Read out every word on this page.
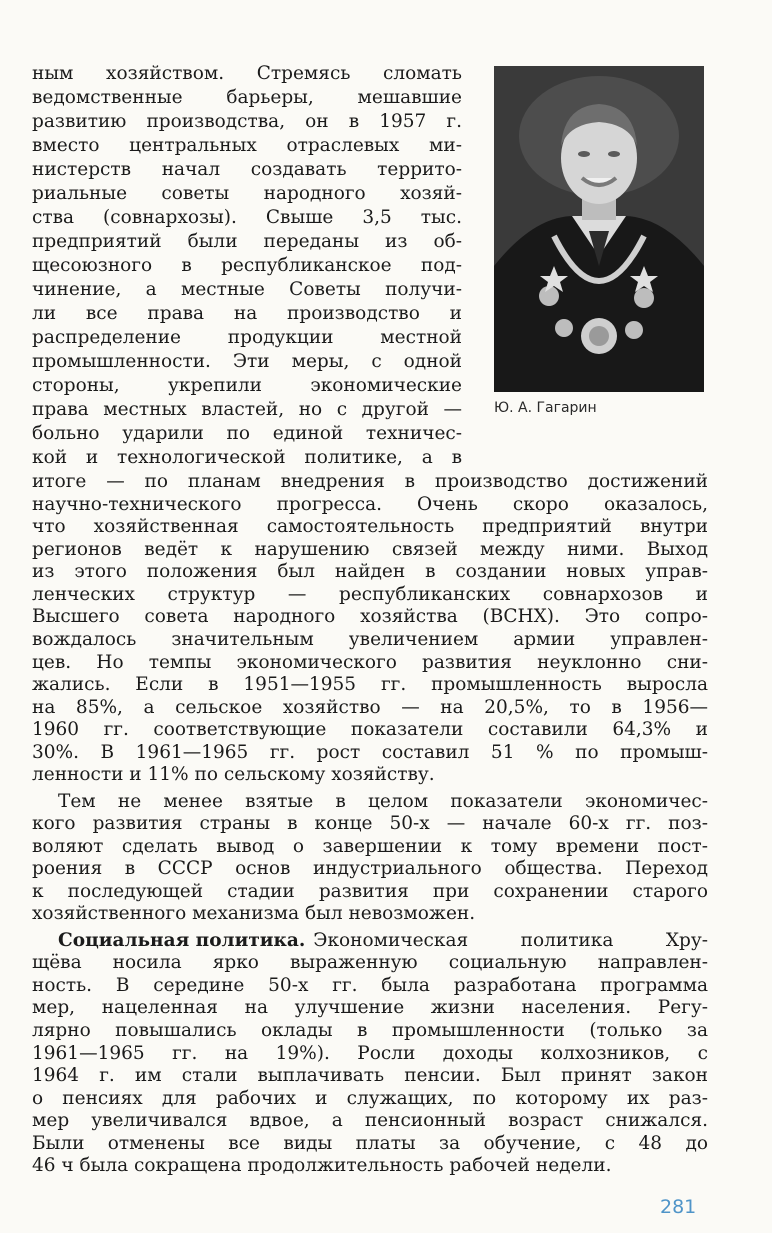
Ю. А. Гагарин
ным хозяйством. Стремясь сломать
ведомственные барьеры, мешавшие
развитию производства, он в 1957 г.
вместо центральных отраслевых ми-
нистерств начал создавать террито-
риальные советы народного хозяй-
ства (совнархозы). Свыше 3,5 тыс.
предприятий были переданы из об-
щесоюзного в республиканское под-
чинение, а местные Советы получи-
ли все права на производство и
распределение продукции местной
промышленности. Эти меры, с одной
стороны, укрепили экономические
права местных властей, но с другой —
больно ударили по единой техничес-
кой и технологической политике, а в
итоге — по планам внедрения в производство достижений
научно-технического прогресса. Очень скоро оказалось,
что хозяйственная самостоятельность предприятий внутри
регионов ведёт к нарушению связей между ними. Выход
из этого положения был найден в создании новых управ-
ленческих структур — республиканских совнархозов и
Высшего совета народного хозяйства (ВСНХ). Это сопро-
вождалось значительным увеличением армии управлен-
цев. Но темпы экономического развития неуклонно сни-
жались. Если в 1951—1955 гг. промышленность выросла
на 85%, а сельское хозяйство — на 20,5%, то в 1956—
1960 гг. соответствующие показатели составили 64,3% и
30%. В 1961—1965 гг. рост составил 51 % по промыш-
ленности и 11% по сельскому хозяйству.
Тем не менее взятые в целом показатели экономичес-
кого развития страны в конце 50-х — начале 60-х гг. поз-
воляют сделать вывод о завершении к тому времени пост-
роения в СССР основ индустриального общества. Переход
к последующей стадии развития при сохранении старого
хозяйственного механизма был невозможен.
Социальная политика. Экономическая политика Хру-
щёва носила ярко выраженную социальную направлен-
ность. В середине 50-х гг. была разработана программа
мер, нацеленная на улучшение жизни населения. Регу-
лярно повышались оклады в промышленности (только за
1961—1965 гг. на 19%). Росли доходы колхозников, с
1964 г. им стали выплачивать пенсии. Был принят закон
о пенсиях для рабочих и служащих, по которому их раз-
281
мер увеличивался вдвое, а пенсионный возраст снижался.
Были отменены все виды платы за обучение, с 48 до
46 ч была сокращена продолжительность рабочей недели.
